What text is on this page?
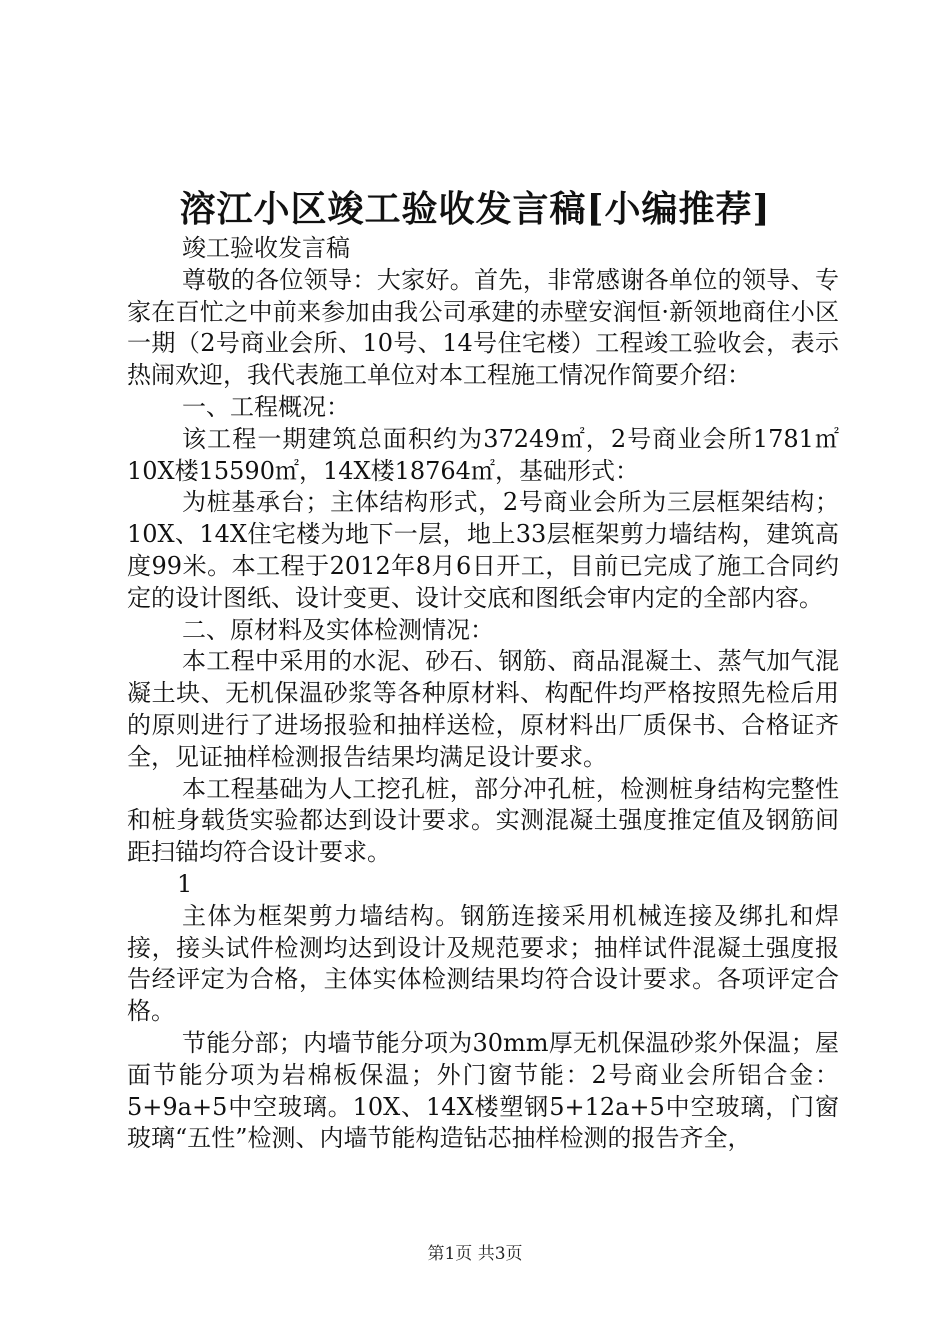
溶江小区竣工验收发言稿[小编推荐]

竣工验收发言稿

尊敬的各位领导：大家好。首先，非常感谢各单位的领导、专家在百忙之中前来参加由我公司承建的赤壁安润恒·新领地商住小区一期（2号商业会所、10号、14号住宅楼）工程竣工验收会，表示热闹欢迎，我代表施工单位对本工程施工情况作简要介绍：

一、工程概况：

该工程一期建筑总面积约为37249㎡，2号商业会所1781㎡10X楼15590㎡，14X楼18764㎡，基础形式：

为桩基承台；主体结构形式，2号商业会所为三层框架结构；10X、14X住宅楼为地下一层，地上33层框架剪力墙结构，建筑高度99米。本工程于2012年8月6日开工，目前已完成了施工合同约定的设计图纸、设计变更、设计交底和图纸会审内定的全部内容。

二、原材料及实体检测情况：

本工程中采用的水泥、砂石、钢筋、商品混凝土、蒸气加气混凝土块、无机保温砂浆等各种原材料、构配件均严格按照先检后用的原则进行了进场报验和抽样送检，原材料出厂质保书、合格证齐全，见证抽样检测报告结果均满足设计要求。

本工程基础为人工挖孔桩，部分冲孔桩，检测桩身结构完整性和桩身载货实验都达到设计要求。实测混凝土强度推定值及钢筋间距扫锚均符合设计要求。

1

主体为框架剪力墙结构。钢筋连接采用机械连接及绑扎和焊接，接头试件检测均达到设计及规范要求；抽样试件混凝土强度报告经评定为合格，主体实体检测结果均符合设计要求。各项评定合格。

节能分部；内墙节能分项为30mm厚无机保温砂浆外保温；屋面节能分项为岩棉板保温；外门窗节能：2号商业会所铝合金：5+9a+5中空玻璃。10X、14X楼塑钢5+12a+5中空玻璃，门窗玻璃“五性”检测、内墙节能构造钻芯抽样检测的报告齐全，

第1页 共3页
